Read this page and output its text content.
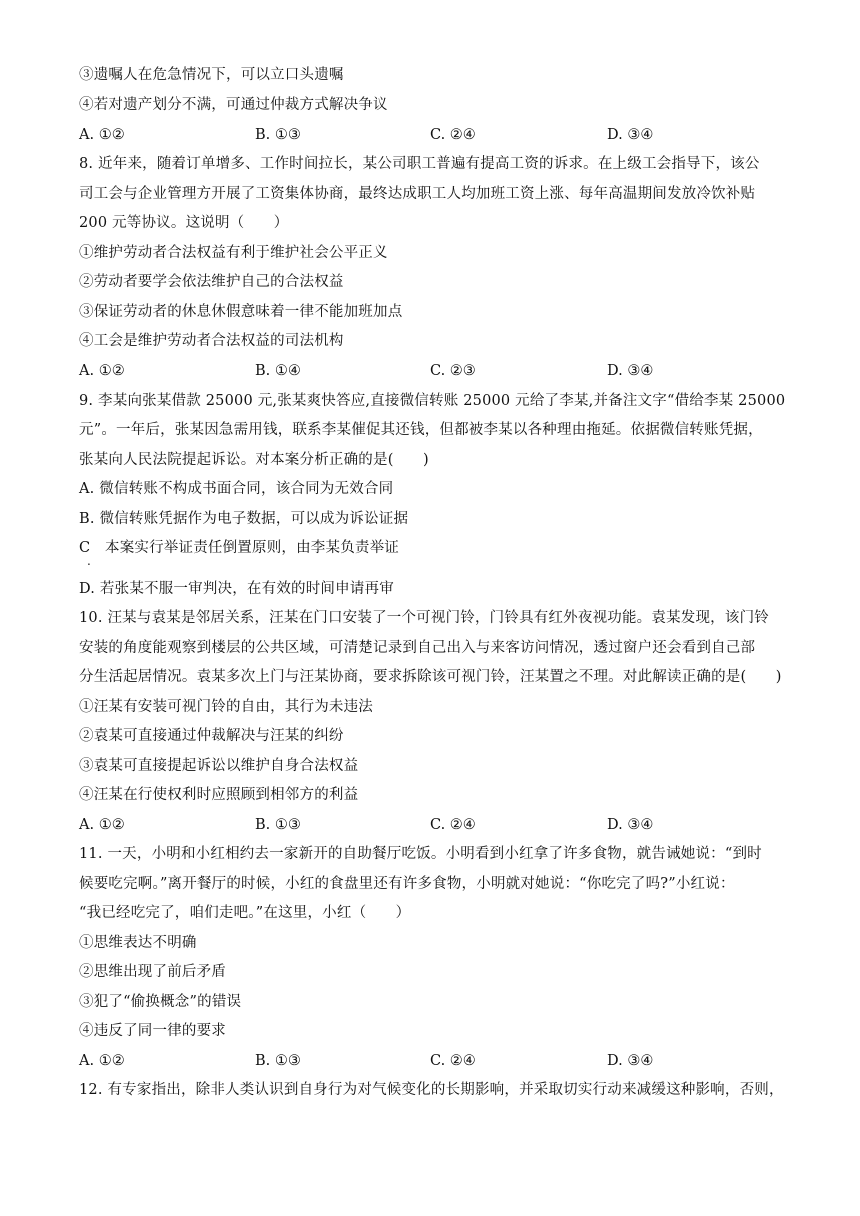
③遗嘱人在危急情况下，可以立口头遗嘱
④若对遗产划分不满，可通过仲裁方式解决争议
A. ①②	B. ①③	C. ②④	D. ③④
8. 近年来，随着订单增多、工作时间拉长，某公司职工普遍有提高工资的诉求。在上级工会指导下，该公
司工会与企业管理方开展了工资集体协商，最终达成职工人均加班工资上涨、每年高温期间发放冷饮补贴
200 元等协议。这说明（　　）
①维护劳动者合法权益有利于维护社会公平正义
②劳动者要学会依法维护自己的合法权益
③保证劳动者的休息休假意味着一律不能加班加点
④工会是维护劳动者合法权益的司法机构
A. ①②	B. ①④	C. ②③	D. ③④
9. 李某向张某借款 25000 元,张某爽快答应,直接微信转账 25000 元给了李某,并备注文字“借给李某 25000
元”。一年后，张某因急需用钱，联系李某催促其还钱，但都被李某以各种理由拖延。依据微信转账凭据，
张某向人民法院提起诉讼。对本案分析正确的是(　　)
A. 微信转账不构成书面合同，该合同为无效合同
B. 微信转账凭据作为电子数据，可以成为诉讼证据
C　本案实行举证责任倒置原则，由李某负责举证
.
D. 若张某不服一审判决，在有效的时间申请再审
10. 汪某与袁某是邻居关系，汪某在门口安装了一个可视门铃，门铃具有红外夜视功能。袁某发现，该门铃
安装的角度能观察到楼层的公共区域，可清楚记录到自己出入与来客访问情况，透过窗户还会看到自己部
分生活起居情况。袁某多次上门与汪某协商，要求拆除该可视门铃，汪某置之不理。对此解读正确的是(　　)
①汪某有安装可视门铃的自由，其行为未违法
②袁某可直接通过仲裁解决与汪某的纠纷
③袁某可直接提起诉讼以维护自身合法权益
④汪某在行使权利时应照顾到相邻方的利益
A. ①②	B. ①③	C. ②④	D. ③④
11. 一天，小明和小红相约去一家新开的自助餐厅吃饭。小明看到小红拿了许多食物，就告诫她说：“到时
候要吃完啊。”离开餐厅的时候，小红的食盘里还有许多食物，小明就对她说：“你吃完了吗?”小红说：
“我已经吃完了，咱们走吧。”在这里，小红（　　）
①思维表达不明确
②思维出现了前后矛盾
③犯了“偷换概念”的错误
④违反了同一律的要求
A. ①②	B. ①③	C. ②④	D. ③④
12. 有专家指出，除非人类认识到自身行为对气候变化的长期影响，并采取切实行动来减缓这种影响，否则，
